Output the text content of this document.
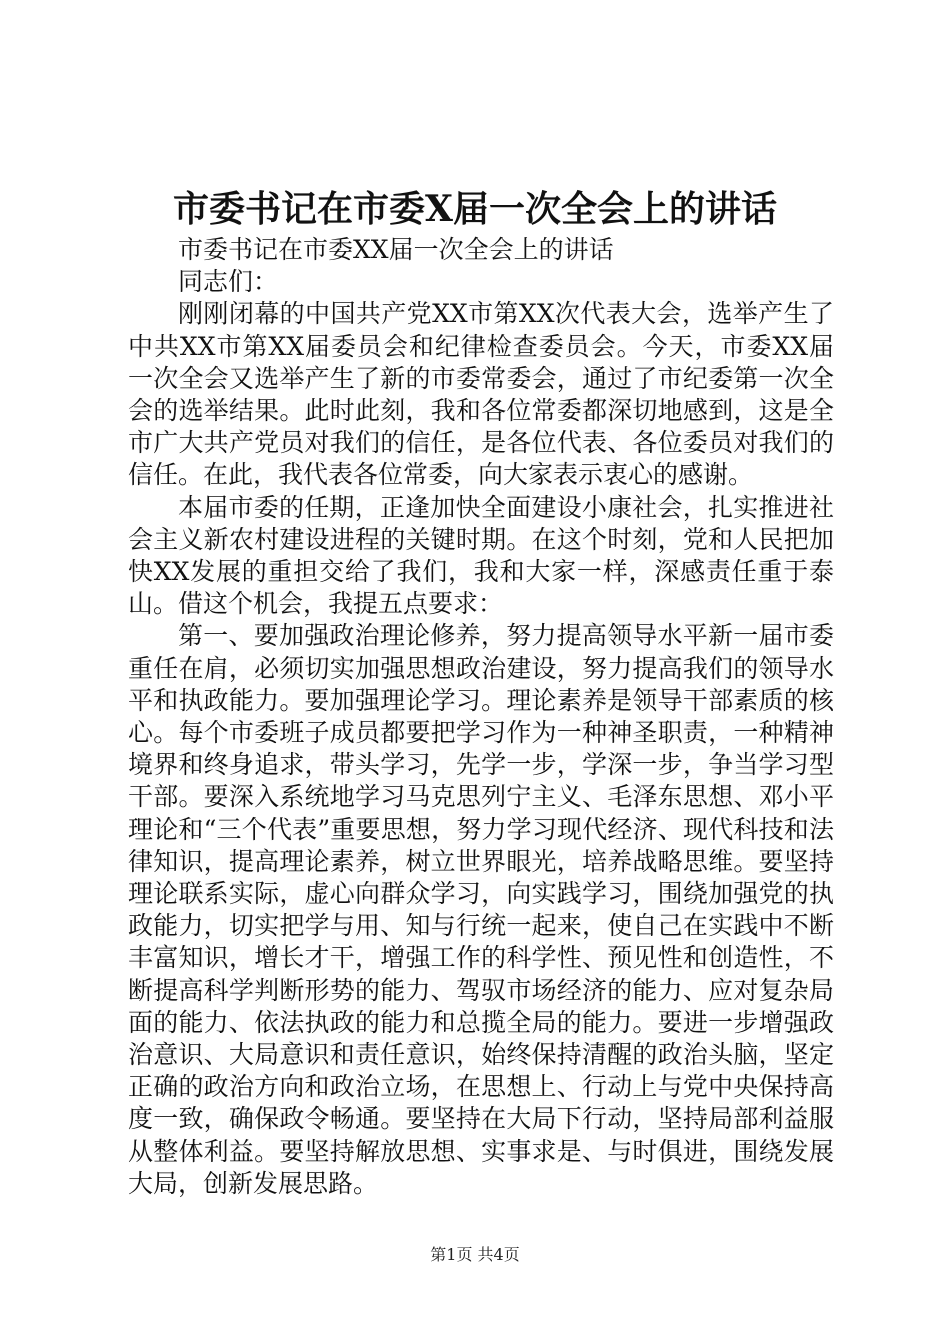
市委书记在市委X届一次全会上的讲话

市委书记在市委XX届一次全会上的讲话

同志们：

刚刚闭幕的中国共产党XX市第XX次代表大会，选举产生了中共XX市第XX届委员会和纪律检查委员会。今天，市委XX届一次全会又选举产生了新的市委常委会，通过了市纪委第一次全会的选举结果。此时此刻，我和各位常委都深切地感到，这是全市广大共产党员对我们的信任，是各位代表、各位委员对我们的信任。在此，我代表各位常委，向大家表示衷心的感谢。

本届市委的任期，正逢加快全面建设小康社会，扎实推进社会主义新农村建设进程的关键时期。在这个时刻，党和人民把加快XX发展的重担交给了我们，我和大家一样，深感责任重于泰山。借这个机会，我提五点要求：

第一、要加强政治理论修养，努力提高领导水平新一届市委重任在肩，必须切实加强思想政治建设，努力提高我们的领导水平和执政能力。要加强理论学习。理论素养是领导干部素质的核心。每个市委班子成员都要把学习作为一种神圣职责，一种精神境界和终身追求，带头学习，先学一步，学深一步，争当学习型干部。要深入系统地学习马克思列宁主义、毛泽东思想、邓小平理论和“三个代表”重要思想，努力学习现代经济、现代科技和法律知识，提高理论素养，树立世界眼光，培养战略思维。要坚持理论联系实际，虚心向群众学习，向实践学习，围绕加强党的执政能力，切实把学与用、知与行统一起来，使自己在实践中不断丰富知识，增长才干，增强工作的科学性、预见性和创造性，不断提高科学判断形势的能力、驾驭市场经济的能力、应对复杂局面的能力、依法执政的能力和总揽全局的能力。要进一步增强政治意识、大局意识和责任意识，始终保持清醒的政治头脑，坚定正确的政治方向和政治立场，在思想上、行动上与党中央保持高度一致，确保政令畅通。要坚持在大局下行动，坚持局部利益服从整体利益。要坚持解放思想、实事求是、与时俱进，围绕发展大局，创新发展思路。

第1页 共4页
